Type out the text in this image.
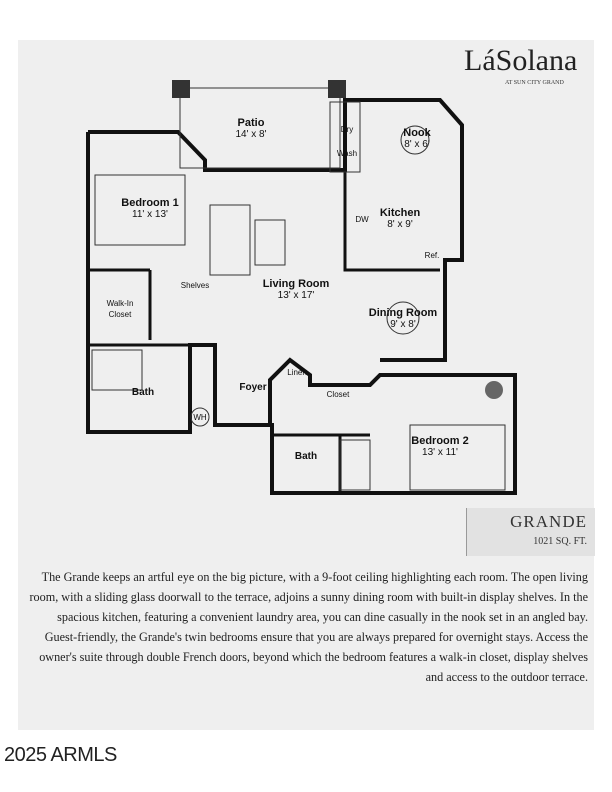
LáSolana
AT SUN CITY GRAND
Patio
14' x 8'	Nook
8' x 6'
Bedroom 1
11' x 13'	Kitchen
8' x 9'
Living Room
13' x 17'
Dining Room
9' x 8'
Bedroom 2
13' x 11'
Dry
Wash
DW
Ref.
Shelves
Walk-In
Closet
Bath
WH
Foyer
Linen
Closet
Bath
GRANDE
1021 SQ. FT.
The Grande keeps an artful eye on the big picture, with a 9-foot ceiling highlighting each room. The open living room, with a sliding glass doorwall to the terrace, adjoins a sunny dining room with built-in display shelves. In the spacious kitchen, featuring a convenient laundry area, you can dine casually in the nook set in an angled bay. Guest-friendly, the Grande's twin bedrooms ensure that you are always prepared for overnight stays. Access the owner's suite through double French doors, beyond which the bedroom features a walk-in closet, display shelves and access to the outdoor terrace.
2025 ARMLS
